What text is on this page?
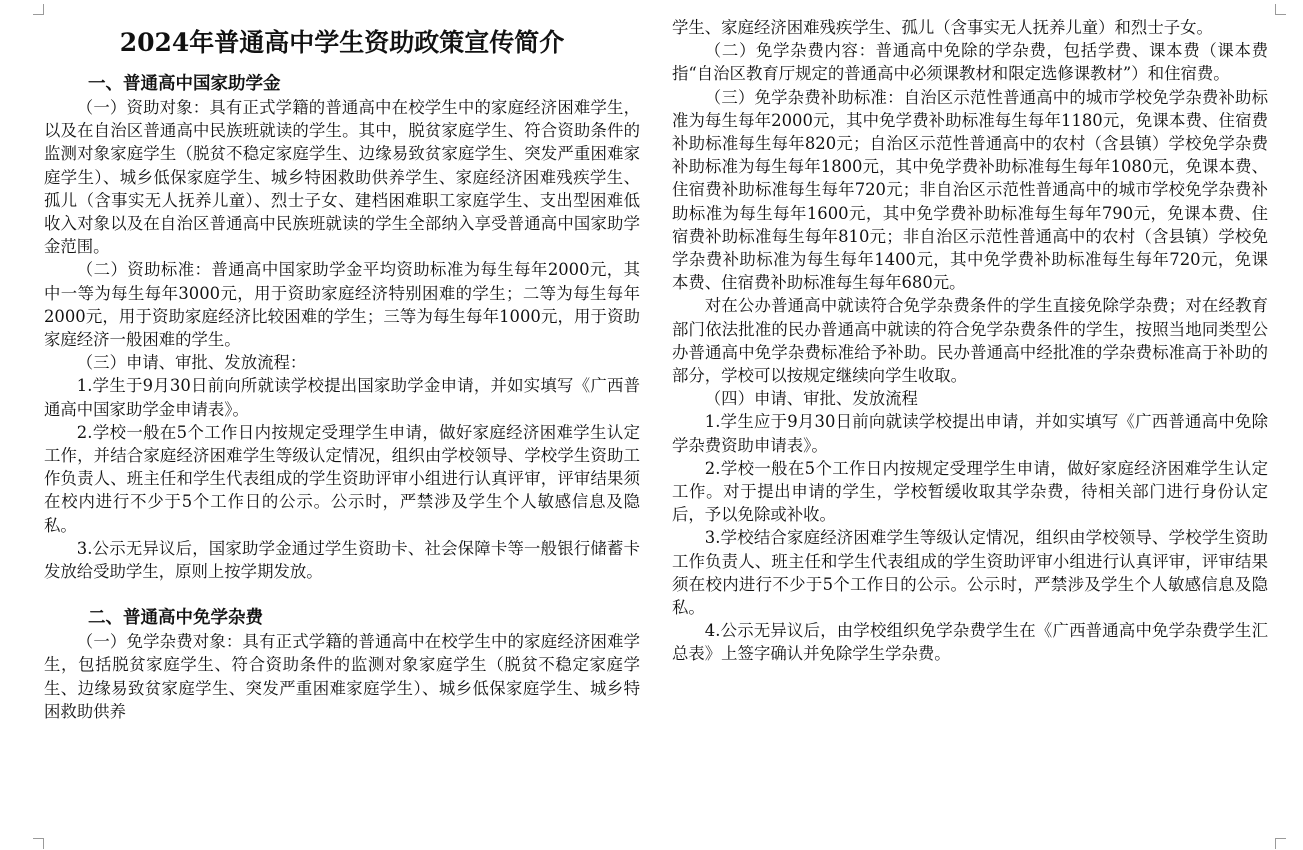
2024年普通高中学生资助政策宣传简介
一、普通高中国家助学金

（一）资助对象：具有正式学籍的普通高中在校学生中的家庭经济困难学生，以及在自治区普通高中民族班就读的学生。其中，脱贫家庭学生、符合资助条件的监测对象家庭学生（脱贫不稳定家庭学生、边缘易致贫家庭学生、突发严重困难家庭学生）、城乡低保家庭学生、城乡特困救助供养学生、家庭经济困难残疾学生、孤儿（含事实无人抚养儿童）、烈士子女、建档困难职工家庭学生、支出型困难低收入对象以及在自治区普通高中民族班就读的学生全部纳入享受普通高中国家助学金范围。

（二）资助标准：普通高中国家助学金平均资助标准为每生每年2000元，其中一等为每生每年3000元，用于资助家庭经济特别困难的学生；二等为每生每年2000元，用于资助家庭经济比较困难的学生；三等为每生每年1000元，用于资助家庭经济一般困难的学生。

（三）申请、审批、发放流程：

1.学生于9月30日前向所就读学校提出国家助学金申请，并如实填写《广西普通高中国家助学金申请表》。

2.学校一般在5个工作日内按规定受理学生申请，做好家庭经济困难学生认定工作，并结合家庭经济困难学生等级认定情况，组织由学校领导、学校学生资助工作负责人、班主任和学生代表组成的学生资助评审小组进行认真评审，评审结果须在校内进行不少于5个工作日的公示。公示时，严禁涉及学生个人敏感信息及隐私。

3.公示无异议后，国家助学金通过学生资助卡、社会保障卡等一般银行储蓄卡发放给受助学生，原则上按学期发放。

二、普通高中免学杂费

（一）免学杂费对象：具有正式学籍的普通高中在校学生中的家庭经济困难学生，包括脱贫家庭学生、符合资助条件的监测对象家庭学生（脱贫不稳定家庭学生、边缘易致贫家庭学生、突发严重困难家庭学生）、城乡低保家庭学生、城乡特困救助供养

学生、家庭经济困难残疾学生、孤儿（含事实无人抚养儿童）和烈士子女。

（二）免学杂费内容：普通高中免除的学杂费，包括学费、课本费（课本费指“自治区教育厅规定的普通高中必须课教材和限定选修课教材”）和住宿费。

（三）免学杂费补助标准：自治区示范性普通高中的城市学校免学杂费补助标准为每生每年2000元，其中免学费补助标准每生每年1180元，免课本费、住宿费补助标准每生每年820元；自治区示范性普通高中的农村（含县镇）学校免学杂费补助标准为每生每年1800元，其中免学费补助标准每生每年1080元，免课本费、住宿费补助标准每生每年720元；非自治区示范性普通高中的城市学校免学杂费补助标准为每生每年1600元，其中免学费补助标准每生每年790元，免课本费、住宿费补助标准每生每年810元；非自治区示范性普通高中的农村（含县镇）学校免学杂费补助标准为每生每年1400元，其中免学费补助标准每生每年720元，免课本费、住宿费补助标准每生每年680元。

对在公办普通高中就读符合免学杂费条件的学生直接免除学杂费；对在经教育部门依法批准的民办普通高中就读的符合免学杂费条件的学生，按照当地同类型公办普通高中免学杂费标准给予补助。民办普通高中经批准的学杂费标准高于补助的部分，学校可以按规定继续向学生收取。

（四）申请、审批、发放流程

1.学生应于9月30日前向就读学校提出申请，并如实填写《广西普通高中免除学杂费资助申请表》。

2.学校一般在5个工作日内按规定受理学生申请，做好家庭经济困难学生认定工作。对于提出申请的学生，学校暂缓收取其学杂费，待相关部门进行身份认定后，予以免除或补收。

3.学校结合家庭经济困难学生等级认定情况，组织由学校领导、学校学生资助工作负责人、班主任和学生代表组成的学生资助评审小组进行认真评审，评审结果须在校内进行不少于5个工作日的公示。公示时，严禁涉及学生个人敏感信息及隐私。

4.公示无异议后，由学校组织免学杂费学生在《广西普通高中免学杂费学生汇总表》上签字确认并免除学生学杂费。
